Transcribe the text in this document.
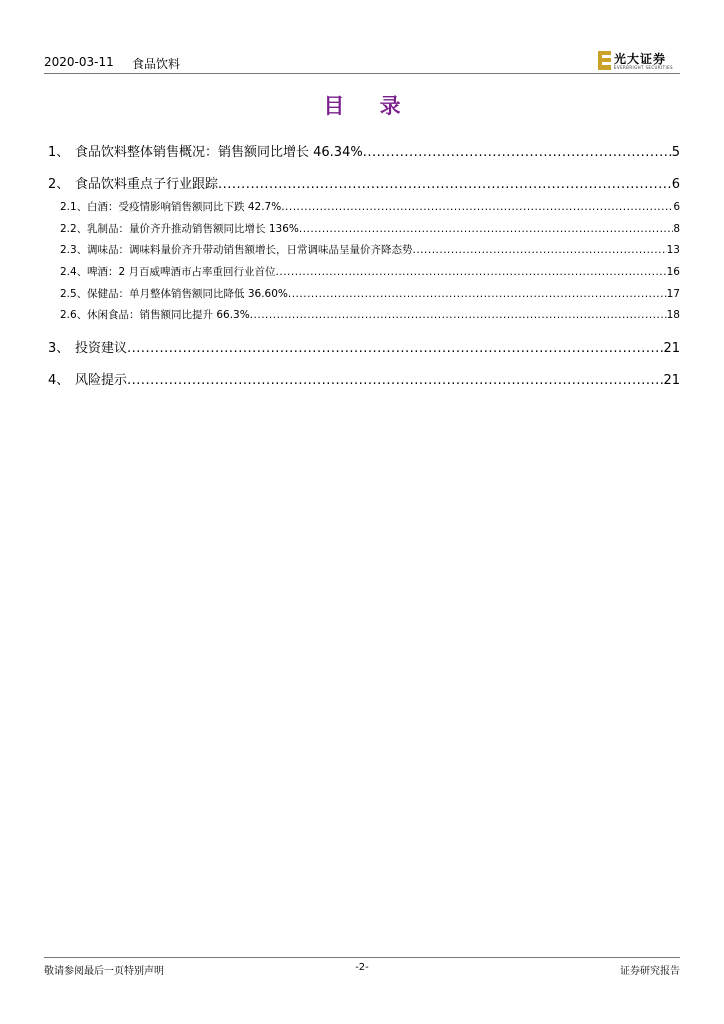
2020-03-11 食品饮料	光大证券
EVERBRIGHT SECURITIES
目 录
1、 食品饮料整体销售概况：销售额同比增长 46.34% .....	5
2、 食品饮料重点子行业跟踪 .....	6
2.1、 白酒：受疫情影响销售额同比下跌 42.7% .....	6
2.2、 乳制品：量价齐升推动销售额同比增长 136% .....	8
2.3、 调味品：调味料量价齐升带动销售额增长，日常调味品呈量价齐降态势 .....	13
2.4、 啤酒：2 月百威啤酒市占率重回行业首位 .....	16
2.5、 保健品：单月整体销售额同比降低 36.60% .....	17
2.6、 休闲食品：销售额同比提升 66.3% .....	18
3、 投资建议 .....	21
4、 风险提示 .....	21
敬请参阅最后一页特别声明	-2-	证券研究报告
